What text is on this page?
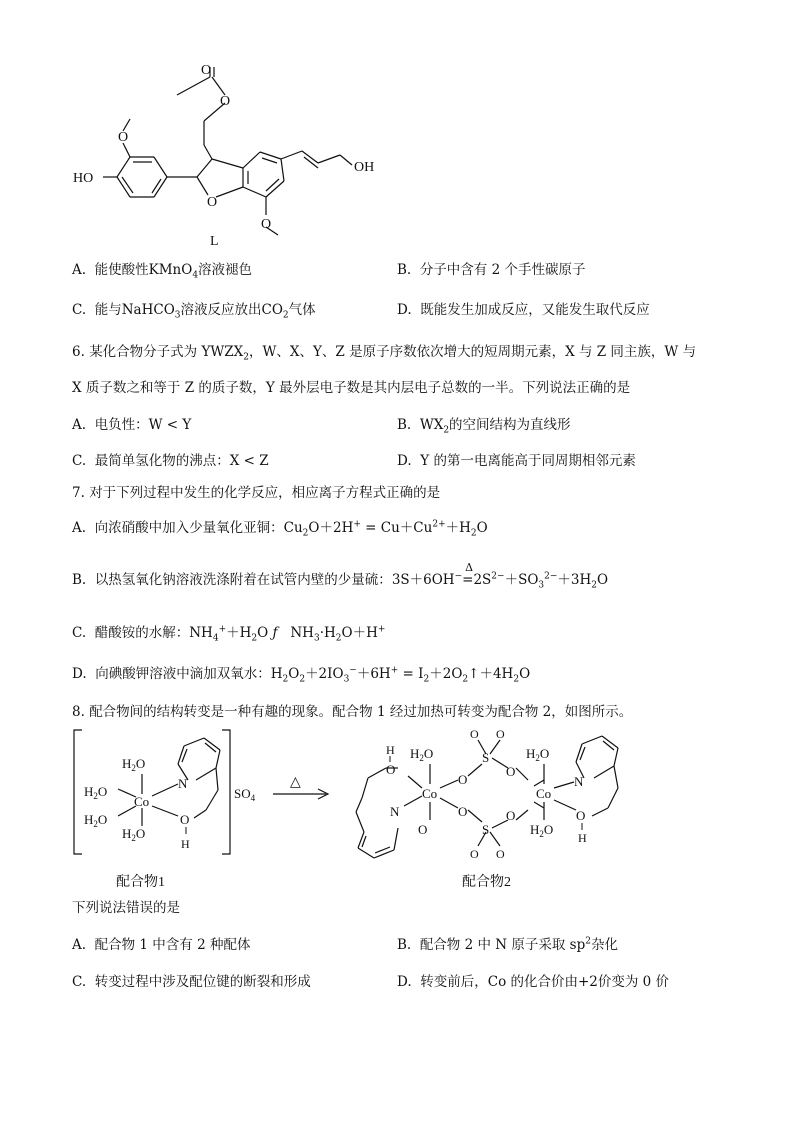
O
O
O
O
O
HO
OH
L
A. 能使酸性KMnO$_4$溶液褪色	B. 分子中含有 2 个手性碳原子
C. 能与NaHCO$_3$溶液反应放出$CO_2$气体	D. 既能发生加成反应，又能发生取代反应
6. 某化合物分子式为 $YWZX_2$，W、X、Y、Z 是原子序数依次增大的短周期元素，X 与 Z 同主族，W 与
X 质子数之和等于 Z 的质子数，Y 最外层电子数是其内层电子总数的一半。下列说法正确的是
A. 电负性：W < Y	B. $WX_2$的空间结构为直线形
C. 最简单氢化物的沸点：X < Z	D. Y 的第一电离能高于同周期相邻元素
7. 对于下列过程中发生的化学反应，相应离子方程式正确的是
A. 向浓硝酸中加入少量氧化亚铜：$Cu_2O+2H^+ = Cu+Cu^{2+}+H_2O$
B. 以热氢氧化钠溶液洗涤附着在试管内壁的少量硫：3S＋6OH−
Δ
$=2S^{2-}+SO_3^{2-}+3H_2O$
C. 醋酸铵的水解：$NH_4^++H_2O$ ƒ   $NH_3\cdot H_2O+H^+$
D. 向碘酸钾溶液中滴加双氧水：$H_2O_2+2IO_3^-+6H^+$ = $I_2+2O_2↑+4H_2O$
8. 配合物间的结构转变是一种有趣的现象。配合物 1 经过加热可转变为配合物 2，如图所示。
$H_2O$
$H_2O$
$H_2O$
$H_2O$
Co
N
O
H
$SO_4$
△
H
O
$H_2O$
Co
N
O
O
O
S
S
O O
O O
O
O
$H_2O$
Co
N
O
H
$H_2O$
配合物1	配合物2
下列说法错误的是
A. 配合物 1 中含有 2 种配体	B. 配合物 2 中 N 原子采取 $sp^2$杂化
C. 转变过程中涉及配位键的断裂和形成	D. 转变前后，Co 的化合价由+2价变为 0 价
